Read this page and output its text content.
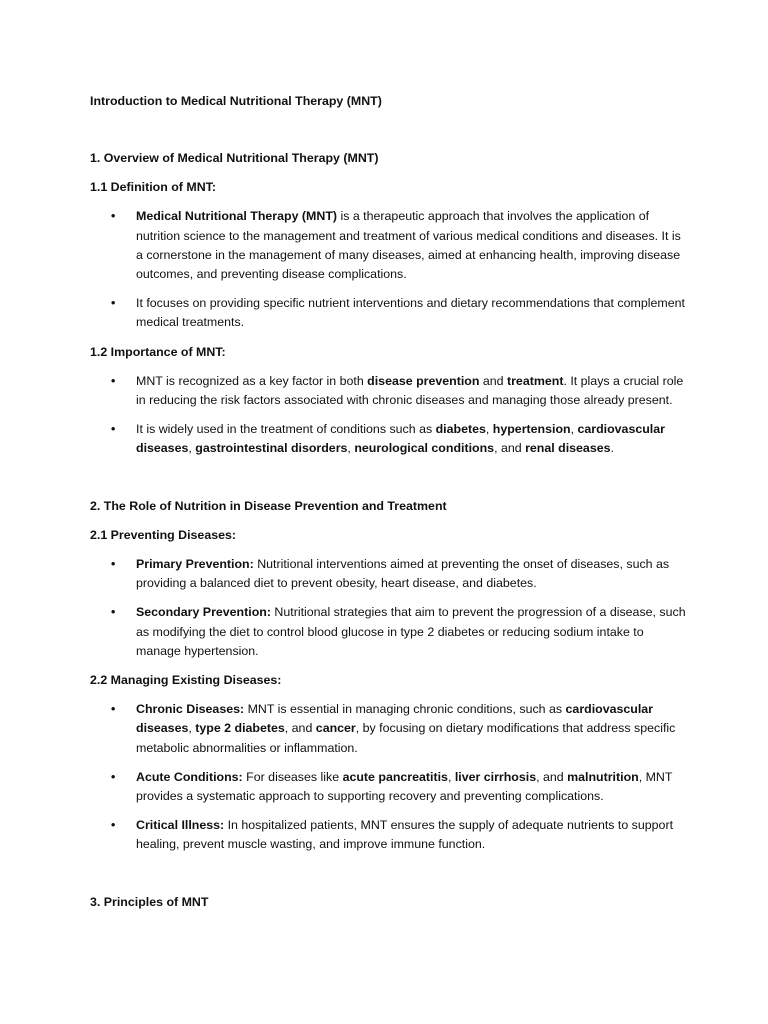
Introduction to Medical Nutritional Therapy (MNT)

1. Overview of Medical Nutritional Therapy (MNT)

1.1 Definition of MNT:

• Medical Nutritional Therapy (MNT) is a therapeutic approach that involves the application of nutrition science to the management and treatment of various medical conditions and diseases. It is a cornerstone in the management of many diseases, aimed at enhancing health, improving disease outcomes, and preventing disease complications.
• It focuses on providing specific nutrient interventions and dietary recommendations that complement medical treatments.

1.2 Importance of MNT:

• MNT is recognized as a key factor in both disease prevention and treatment. It plays a crucial role in reducing the risk factors associated with chronic diseases and managing those already present.
• It is widely used in the treatment of conditions such as diabetes, hypertension, cardiovascular diseases, gastrointestinal disorders, neurological conditions, and renal diseases.

2. The Role of Nutrition in Disease Prevention and Treatment

2.1 Preventing Diseases:

• Primary Prevention: Nutritional interventions aimed at preventing the onset of diseases, such as providing a balanced diet to prevent obesity, heart disease, and diabetes.
• Secondary Prevention: Nutritional strategies that aim to prevent the progression of a disease, such as modifying the diet to control blood glucose in type 2 diabetes or reducing sodium intake to manage hypertension.

2.2 Managing Existing Diseases:

• Chronic Diseases: MNT is essential in managing chronic conditions, such as cardiovascular diseases, type 2 diabetes, and cancer, by focusing on dietary modifications that address specific metabolic abnormalities or inflammation.
• Acute Conditions: For diseases like acute pancreatitis, liver cirrhosis, and malnutrition, MNT provides a systematic approach to supporting recovery and preventing complications.
• Critical Illness: In hospitalized patients, MNT ensures the supply of adequate nutrients to support healing, prevent muscle wasting, and improve immune function.

3. Principles of MNT
